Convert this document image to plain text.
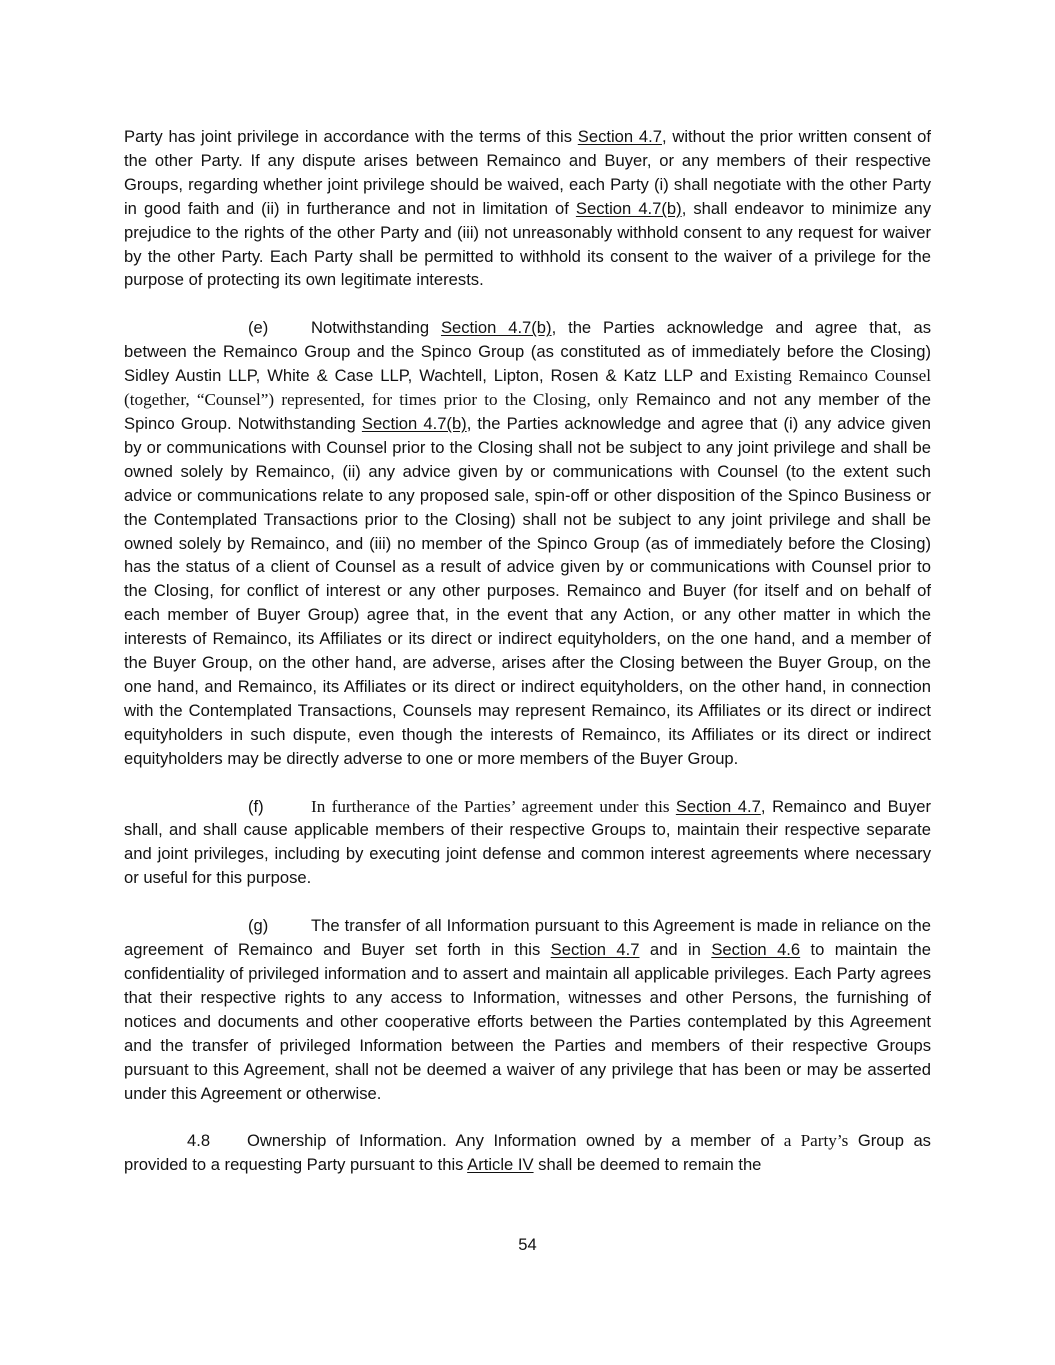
Party has joint privilege in accordance with the terms of this Section 4.7, without the prior written consent of the other Party. If any dispute arises between Remainco and Buyer, or any members of their respective Groups, regarding whether joint privilege should be waived, each Party (i) shall negotiate with the other Party in good faith and (ii) in furtherance and not in limitation of Section 4.7(b), shall endeavor to minimize any prejudice to the rights of the other Party and (iii) not unreasonably withhold consent to any request for waiver by the other Party. Each Party shall be permitted to withhold its consent to the waiver of a privilege for the purpose of protecting its own legitimate interests.

(e)	Notwithstanding Section 4.7(b), the Parties acknowledge and agree that, as between the Remainco Group and the Spinco Group (as constituted as of immediately before the Closing) Sidley Austin LLP, White & Case LLP, Wachtell, Lipton, Rosen & Katz LLP and Existing Remainco Counsel (together, “Counsel”) represented, for times prior to the Closing, only Remainco and not any member of the Spinco Group. Notwithstanding Section 4.7(b), the Parties acknowledge and agree that (i) any advice given by or communications with Counsel prior to the Closing shall not be subject to any joint privilege and shall be owned solely by Remainco, (ii) any advice given by or communications with Counsel (to the extent such advice or communications relate to any proposed sale, spin-off or other disposition of the Spinco Business or the Contemplated Transactions prior to the Closing) shall not be subject to any joint privilege and shall be owned solely by Remainco, and (iii) no member of the Spinco Group (as of immediately before the Closing) has the status of a client of Counsel as a result of advice given by or communications with Counsel prior to the Closing, for conflict of interest or any other purposes. Remainco and Buyer (for itself and on behalf of each member of Buyer Group) agree that, in the event that any Action, or any other matter in which the interests of Remainco, its Affiliates or its direct or indirect equityholders, on the one hand, and a member of the Buyer Group, on the other hand, are adverse, arises after the Closing between the Buyer Group, on the one hand, and Remainco, its Affiliates or its direct or indirect equityholders, on the other hand, in connection with the Contemplated Transactions, Counsels may represent Remainco, its Affiliates or its direct or indirect equityholders in such dispute, even though the interests of Remainco, its Affiliates or its direct or indirect equityholders may be directly adverse to one or more members of the Buyer Group.

(f)	In furtherance of the Parties’ agreement under this Section 4.7, Remainco and Buyer shall, and shall cause applicable members of their respective Groups to, maintain their respective separate and joint privileges, including by executing joint defense and common interest agreements where necessary or useful for this purpose.

(g)	The transfer of all Information pursuant to this Agreement is made in reliance on the agreement of Remainco and Buyer set forth in this Section 4.7 and in Section 4.6 to maintain the confidentiality of privileged information and to assert and maintain all applicable privileges. Each Party agrees that their respective rights to any access to Information, witnesses and other Persons, the furnishing of notices and documents and other cooperative efforts between the Parties contemplated by this Agreement and the transfer of privileged Information between the Parties and members of their respective Groups pursuant to this Agreement, shall not be deemed a waiver of any privilege that has been or may be asserted under this Agreement or otherwise.

4.8 Ownership of Information. Any Information owned by a member of a Party’s Group as provided to a requesting Party pursuant to this Article IV shall be deemed to remain the

54
